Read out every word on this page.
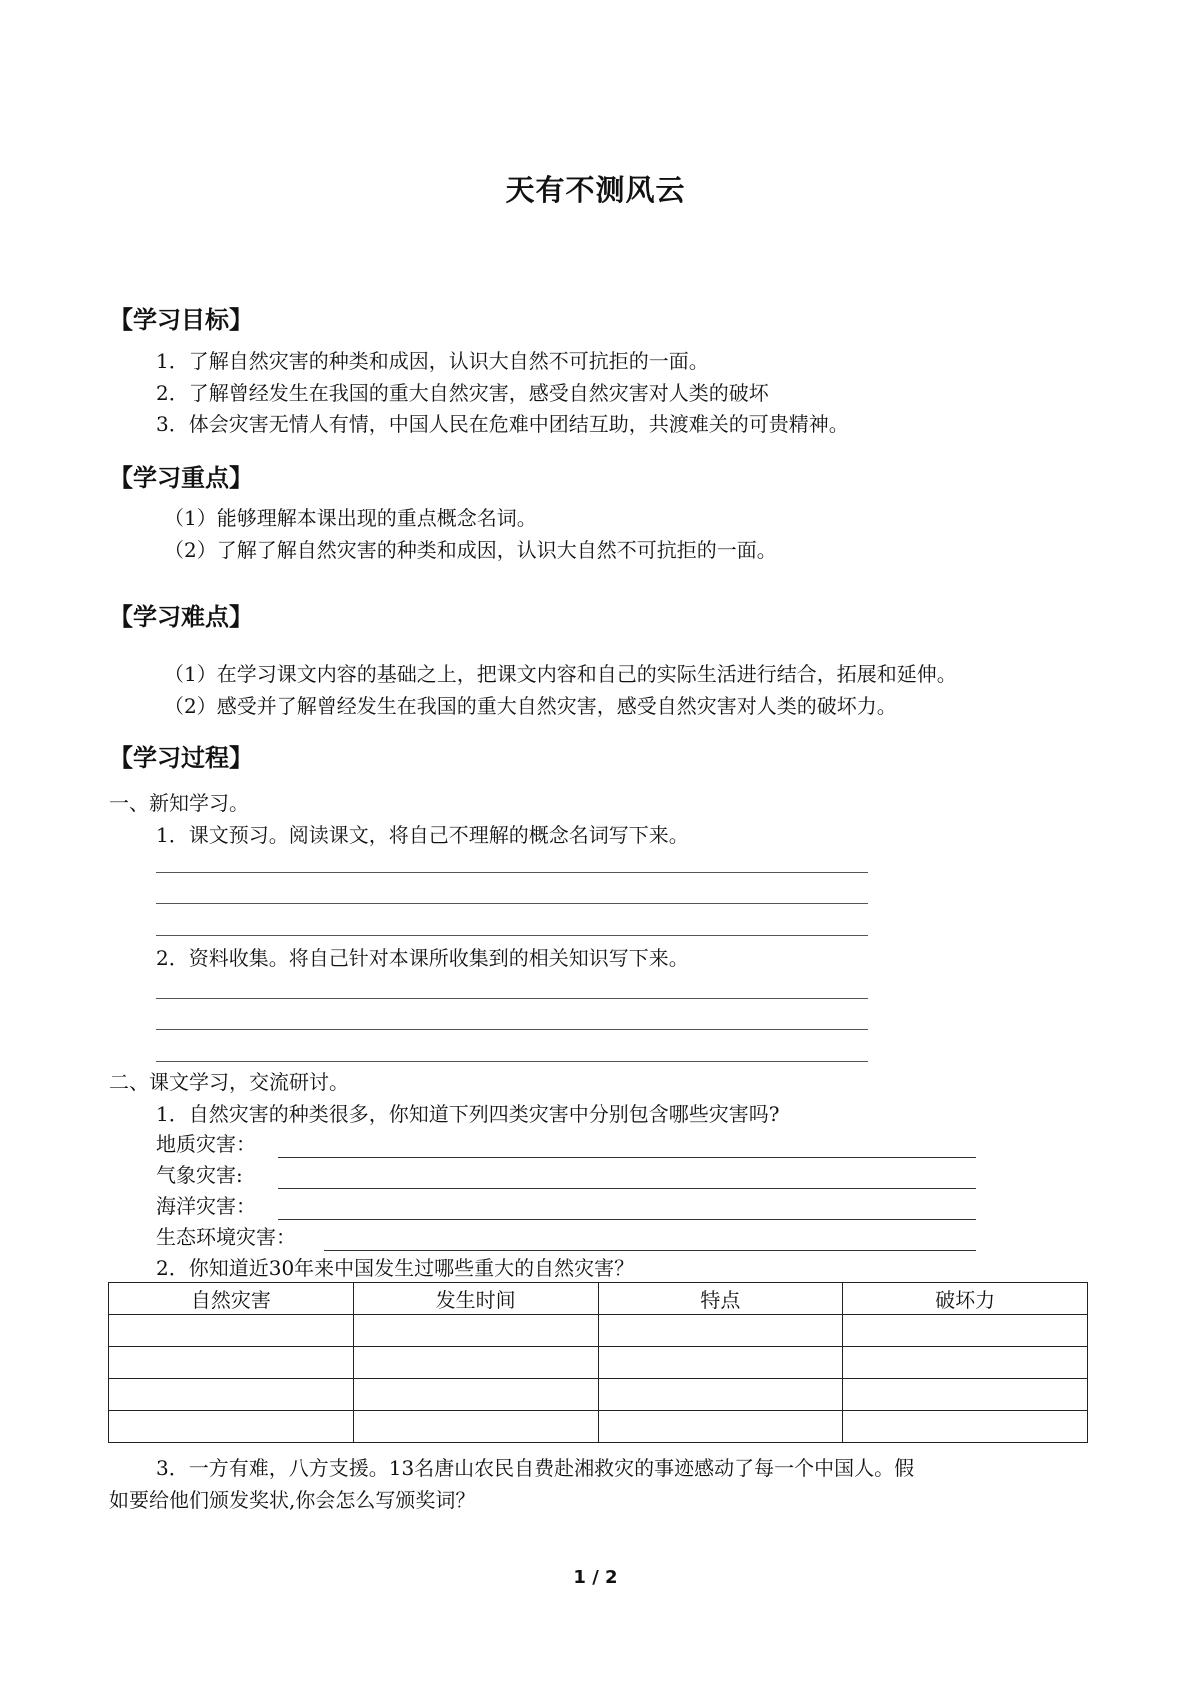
天有不测风云
【学习目标】
1．了解自然灾害的种类和成因，认识大自然不可抗拒的一面。
2．了解曾经发生在我国的重大自然灾害，感受自然灾害对人类的破坏
3．体会灾害无情人有情，中国人民在危难中团结互助，共渡难关的可贵精神。
【学习重点】
（1）能够理解本课出现的重点概念名词。
（2）了解了解自然灾害的种类和成因，认识大自然不可抗拒的一面。
【学习难点】
（1）在学习课文内容的基础之上，把课文内容和自己的实际生活进行结合，拓展和延伸。
（2）感受并了解曾经发生在我国的重大自然灾害，感受自然灾害对人类的破坏力。
【学习过程】
一、新知学习。
1．课文预习。阅读课文，将自己不理解的概念名词写下来。
2．资料收集。将自己针对本课所收集到的相关知识写下来。
二、课文学习，交流研讨。
1．自然灾害的种类很多，你知道下列四类灾害中分别包含哪些灾害吗?
地质灾害：
气象灾害:
海洋灾害：
生态环境灾害：
2．你知道近30年来中国发生过哪些重大的自然灾害？
自然灾害	发生时间	特点	破坏力

3．一方有难，八方支援。13名唐山农民自费赴湘救灾的事迹感动了每一个中国人。假
如要给他们颁发奖状,你会怎么写颁奖词？
1 / 2
